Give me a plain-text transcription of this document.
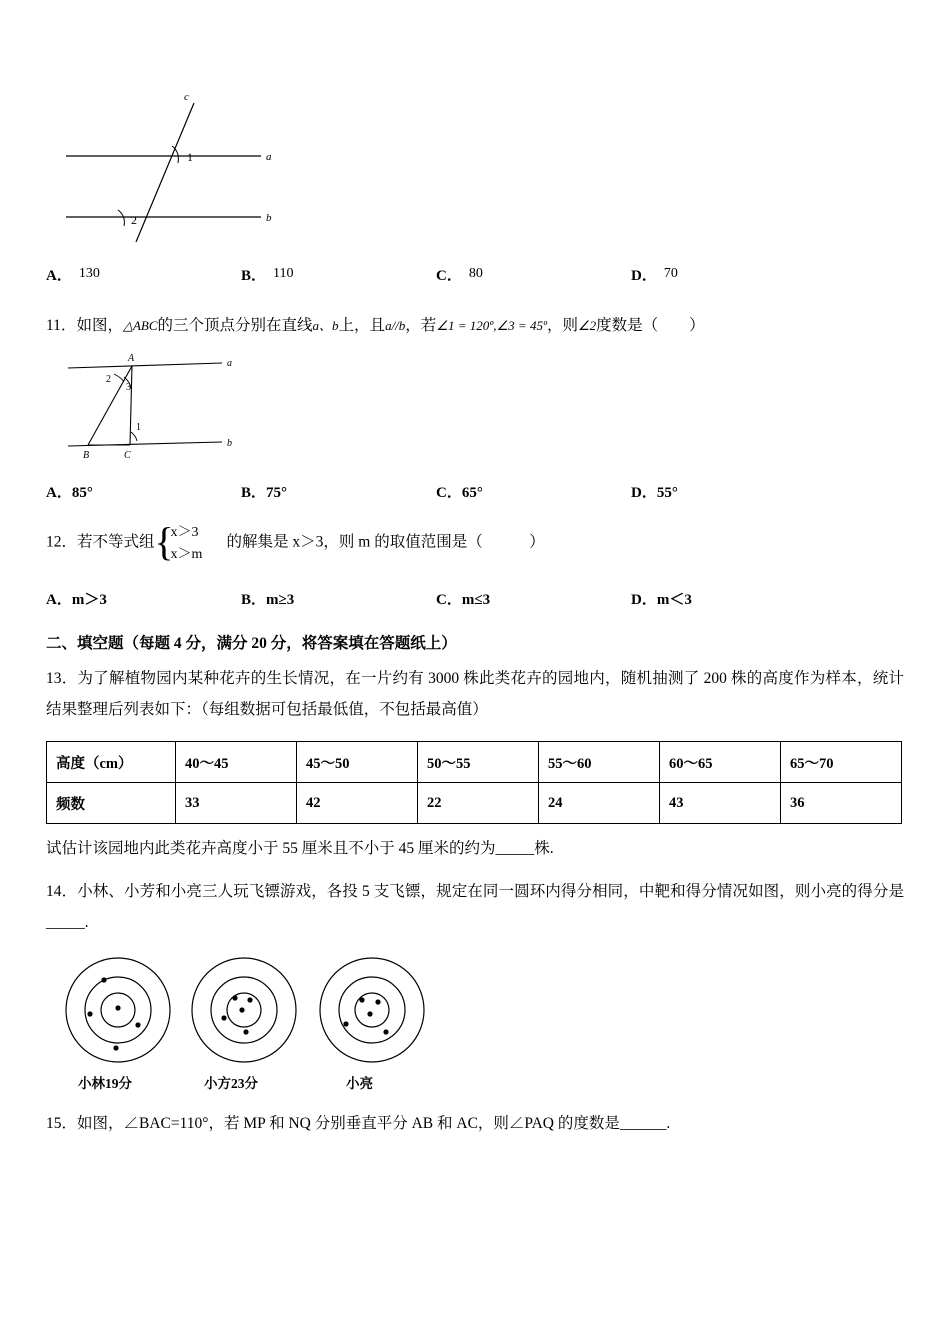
c
1
2
a
b
A． 130	B． 110	C． 80	D． 70
11．如图，△ABC的三个顶点分别在直线a、b上，且a//b，若∠1 = 120º,∠3 = 45º，则∠2度数是（　　）
A
B	C
a
b
2
3
1
A．85°	B．75°	C．65°	D．55°
12．若不等式组 {
x＞3
x＞m
的解集是 x＞3，则 m 的取值范围是（　　　）
A．m＞3	B．m≥3	C．m≤3	D．m＜3
二、填空题（每题 4 分，满分 20 分，将答案填在答题纸上）
13．为了解植物园内某种花卉的生长情况，在一片约有 3000 株此类花卉的园地内，随机抽测了 200 株的高度作为样本，统计结果整理后列表如下：（每组数据可包括最低值，不包括最高值）
高度（cm）	40～45	45～50	50～55	55～60	60～65	65～70
频数	33	42	22	24	43	36
试估计该园地内此类花卉高度小于 55 厘米且不小于 45 厘米的约为_____株.
14．小林、小芳和小亮三人玩飞镖游戏，各投 5 支飞镖，规定在同一圆环内得分相同，中靶和得分情况如图，则小亮的得分是_____.
小林19分	小方23分	小亮
15．如图，∠BAC=110°，若 MP 和 NQ 分别垂直平分 AB 和 AC，则∠PAQ 的度数是______.
